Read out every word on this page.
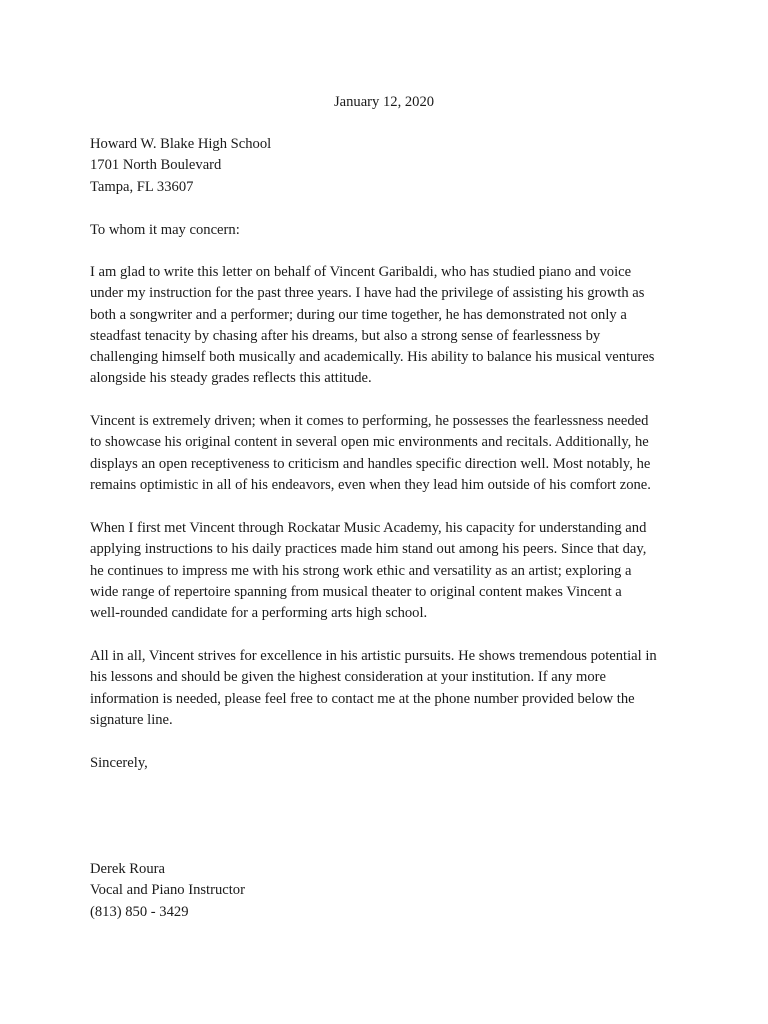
January 12, 2020
Howard W. Blake High School
1701 North Boulevard
Tampa, FL 33607
To whom it may concern:
I am glad to write this letter on behalf of Vincent Garibaldi, who has studied piano and voice
under my instruction for the past three years. I have had the privilege of assisting his growth as
both a songwriter and a performer; during our time together, he has demonstrated not only a
steadfast tenacity by chasing after his dreams, but also a strong sense of fearlessness by
challenging himself both musically and academically. His ability to balance his musical ventures
alongside his steady grades reflects this attitude.
Vincent is extremely driven; when it comes to performing, he possesses the fearlessness needed
to showcase his original content in several open mic environments and recitals. Additionally, he
displays an open receptiveness to criticism and handles specific direction well. Most notably, he
remains optimistic in all of his endeavors, even when they lead him outside of his comfort zone.
When I first met Vincent through Rockatar Music Academy, his capacity for understanding and
applying instructions to his daily practices made him stand out among his peers. Since that day,
he continues to impress me with his strong work ethic and versatility as an artist; exploring a
wide range of repertoire spanning from musical theater to original content makes Vincent a
well-rounded candidate for a performing arts high school.
All in all, Vincent strives for excellence in his artistic pursuits. He shows tremendous potential in
his lessons and should be given the highest consideration at your institution. If any more
information is needed, please feel free to contact me at the phone number provided below the
signature line.
Sincerely,
Derek Roura
Vocal and Piano Instructor
(813) 850 - 3429
